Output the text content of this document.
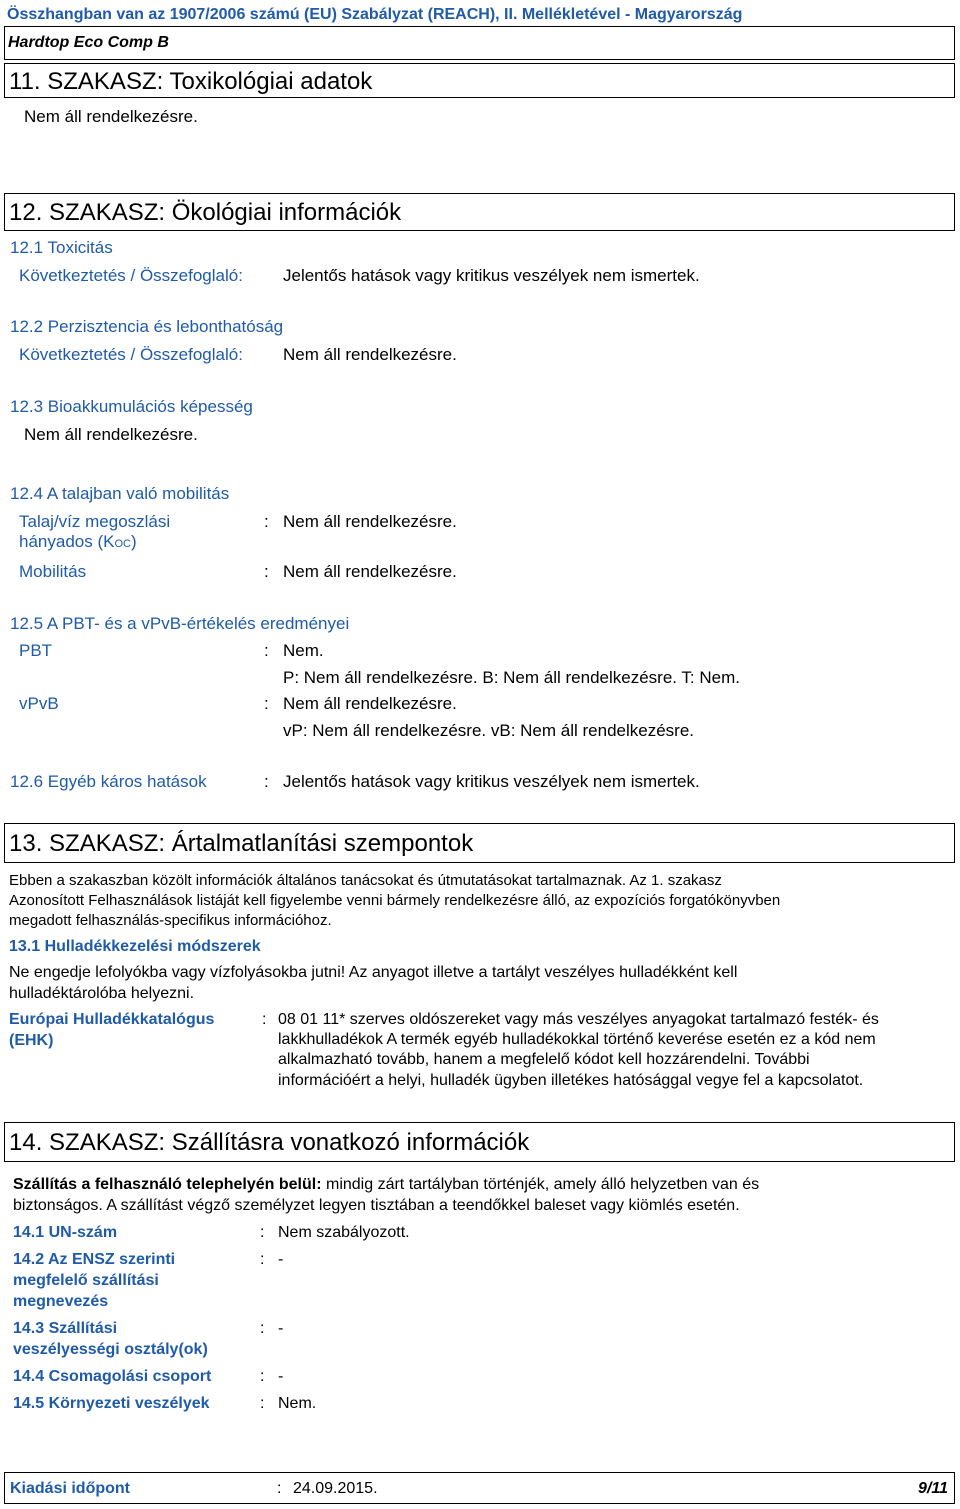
Összhangban van az 1907/2006 számú (EU) Szabályzat (REACH), II. Mellékletével - Magyarország
Hardtop Eco Comp B
11. SZAKASZ: Toxikológiai adatok
Nem áll rendelkezésre.
12. SZAKASZ: Ökológiai információk
12.1 Toxicitás
Következtetés / Összefoglaló: Jelentős hatások vagy kritikus veszélyek nem ismertek.
12.2 Perzisztencia és lebonthatóság
Következtetés / Összefoglaló: Nem áll rendelkezésre.
12.3 Bioakkumulációs képesség
Nem áll rendelkezésre.
12.4 A talajban való mobilitás
Talaj/víz megoszlási
hányados (KOC)
: Nem áll rendelkezésre.
Mobilitás	: Nem áll rendelkezésre.
12.5 A PBT- és a vPvB-értékelés eredményei
PBT	: Nem.
P: Nem áll rendelkezésre. B: Nem áll rendelkezésre. T: Nem.
vPvB	: Nem áll rendelkezésre.
vP: Nem áll rendelkezésre. vB: Nem áll rendelkezésre.
12.6 Egyéb káros hatások	: Jelentős hatások vagy kritikus veszélyek nem ismertek.
13. SZAKASZ: Ártalmatlanítási szempontok
Ebben a szakaszban közölt információk általános tanácsokat és útmutatásokat tartalmaznak. Az 1. szakasz
Azonosított Felhasználások listáját kell figyelembe venni bármely rendelkezésre álló, az expozíciós forgatókönyvben
megadott felhasználás-specifikus információhoz.
13.1 Hulladékkezelési módszerek
Ne engedje lefolyókba vagy vízfolyásokba jutni! Az anyagot illetve a tartályt veszélyes hulladékként kell
hulladéktárolóba helyezni.
Európai Hulladékkatalógus
(EHK)
: 08 01 11* szerves oldószereket vagy más veszélyes anyagokat tartalmazó festék- és
lakkhulladékok A termék egyéb hulladékokkal történő keverése esetén ez a kód nem
alkalmazható tovább, hanem a megfelelő kódot kell hozzárendelni. További
információért a helyi, hulladék ügyben illetékes hatósággal vegye fel a kapcsolatot.
14. SZAKASZ: Szállításra vonatkozó információk
Szállítás a felhasználó telephelyén belül: mindig zárt tartályban történjék, amely álló helyzetben van és
biztonságos. A szállítást végző személyzet legyen tisztában a teendőkkel baleset vagy kiömlés esetén.
14.1 UN-szám	: Nem szabályozott.
14.2 Az ENSZ szerinti
megfelelő szállítási
megnevezés
: -
14.3 Szállítási
veszélyességi osztály(ok)
: -
14.4 Csomagolási csoport	: -
14.5 Környezeti veszélyek	: Nem.
Kiadási időpont	: 24.09.2015.	9/11
